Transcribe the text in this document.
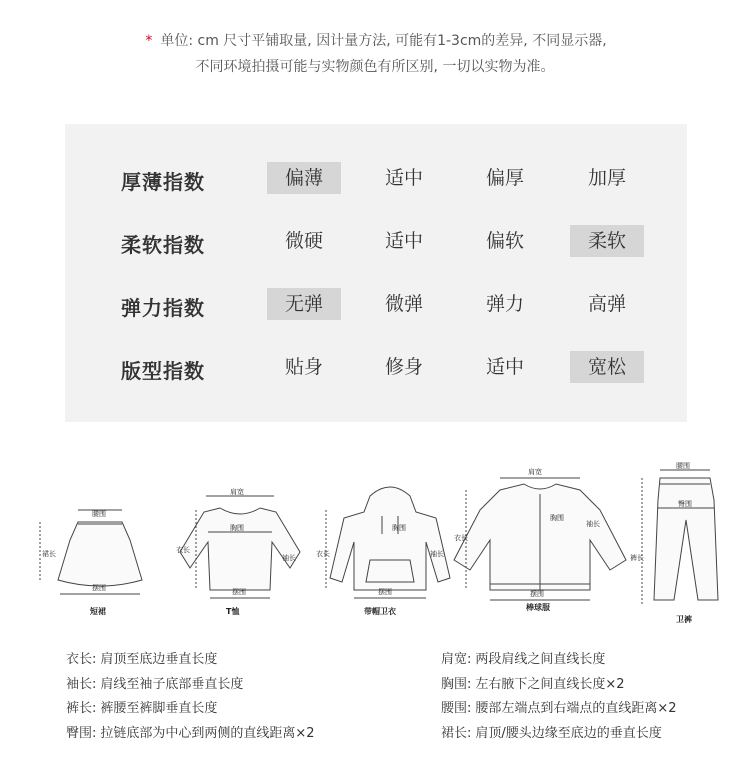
* 单位: cm 尺寸平铺取量, 因计量方法, 可能有1-3cm的差异, 不同显示器,
不同环境拍摄可能与实物颜色有所区别, 一切以实物为准。
厚薄指数	偏薄	适中	偏厚	加厚
柔软指数	微硬	适中	偏软	柔软
弹力指数	无弹	微弹	弹力	高弹
版型指数	贴身	修身	适中	宽松
腰围
裙长
摆围
短裙
肩宽
胸围
衣长
袖长
摆围
T恤
衣长
胸围
袖长
摆围
带帽卫衣
肩宽
胸围
衣长
袖长
摆围
棒球服
腰围
臀围
裤长
卫裤
衣长 : 肩顶至底边垂直长度
袖长 : 肩线至袖子底部垂直长度
裤长 : 裤腰至裤脚垂直长度
臀围 : 拉链底部为中心到两侧的直线距离×2
肩宽 : 两段肩线之间直线长度
胸围 : 左右腋下之间直线长度×2
腰围 : 腰部左端点到右端点的直线距离×2
裙长 : 肩顶/腰头边缘至底边的垂直长度
